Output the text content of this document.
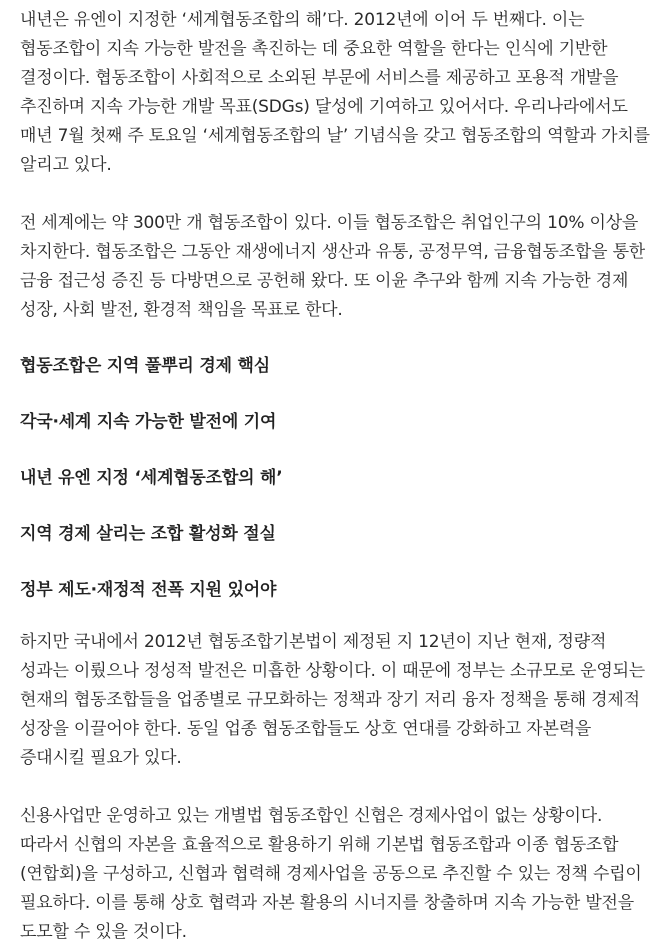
내년은 유엔이 지정한 ‘세계협동조합의 해’다. 2012년에 이어 두 번째다. 이는 협동조합이 지속 가능한 발전을 촉진하는 데 중요한 역할을 한다는 인식에 기반한 결정이다. 협동조합이 사회적으로 소외된 부문에 서비스를 제공하고 포용적 개발을 추진하며 지속 가능한 개발 목표(SDGs) 달성에 기여하고 있어서다. 우리나라에서도 매년 7월 첫째 주 토요일 ‘세계협동조합의 날’ 기념식을 갖고 협동조합의 역할과 가치를 알리고 있다.

전 세계에는 약 300만 개 협동조합이 있다. 이들 협동조합은 취업인구의 10% 이상을 차지한다. 협동조합은 그동안 재생에너지 생산과 유통, 공정무역, 금융협동조합을 통한 금융 접근성 증진 등 다방면으로 공헌해 왔다. 또 이윤 추구와 함께 지속 가능한 경제 성장, 사회 발전, 환경적 책임을 목표로 한다.

협동조합은 지역 풀뿌리 경제 핵심
각국·세계 지속 가능한 발전에 기여
내년 유엔 지정 ‘세계협동조합의 해’
지역 경제 살리는 조합 활성화 절실
정부 제도·재정적 전폭 지원 있어야

하지만 국내에서 2012년 협동조합기본법이 제정된 지 12년이 지난 현재, 정량적 성과는 이뤘으나 정성적 발전은 미흡한 상황이다. 이 때문에 정부는 소규모로 운영되는 현재의 협동조합들을 업종별로 규모화하는 정책과 장기 저리 융자 정책을 통해 경제적 성장을 이끌어야 한다. 동일 업종 협동조합들도 상호 연대를 강화하고 자본력을 증대시킬 필요가 있다.

신용사업만 운영하고 있는 개별법 협동조합인 신협은 경제사업이 없는 상황이다. 따라서 신협의 자본을 효율적으로 활용하기 위해 기본법 협동조합과 이종 협동조합(연합회)을 구성하고, 신협과 협력해 경제사업을 공동으로 추진할 수 있는 정책 수립이 필요하다. 이를 통해 상호 협력과 자본 활용의 시너지를 창출하며 지속 가능한 발전을 도모할 수 있을 것이다.
